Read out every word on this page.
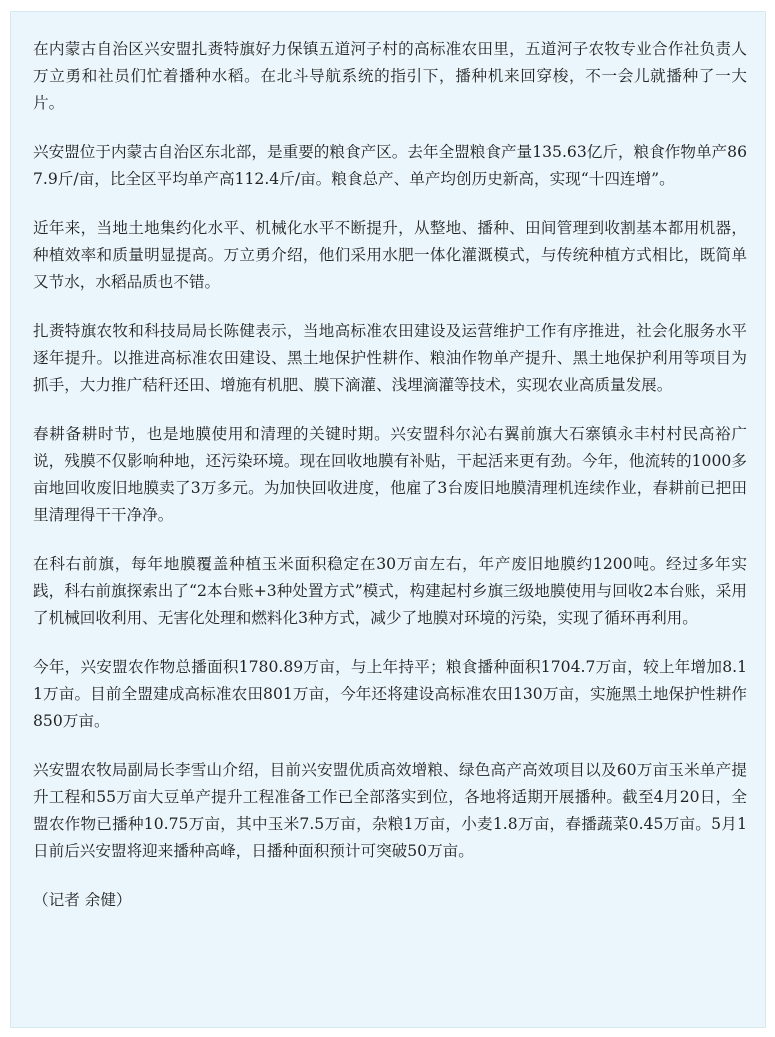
在内蒙古自治区兴安盟扎赉特旗好力保镇五道河子村的高标准农田里，五道河子农牧专业合作社负责人万立勇和社员们忙着播种水稻。在北斗导航系统的指引下，播种机来回穿梭，不一会儿就播种了一大片。

兴安盟位于内蒙古自治区东北部，是重要的粮食产区。去年全盟粮食产量135.63亿斤，粮食作物单产867.9斤/亩，比全区平均单产高112.4斤/亩。粮食总产、单产均创历史新高，实现“十四连增”。

近年来，当地土地集约化水平、机械化水平不断提升，从整地、播种、田间管理到收割基本都用机器，种植效率和质量明显提高。万立勇介绍，他们采用水肥一体化灌溉模式，与传统种植方式相比，既简单又节水，水稻品质也不错。

扎赉特旗农牧和科技局局长陈健表示，当地高标准农田建设及运营维护工作有序推进，社会化服务水平逐年提升。以推进高标准农田建设、黑土地保护性耕作、粮油作物单产提升、黑土地保护利用等项目为抓手，大力推广秸秆还田、增施有机肥、膜下滴灌、浅埋滴灌等技术，实现农业高质量发展。

春耕备耕时节，也是地膜使用和清理的关键时期。兴安盟科尔沁右翼前旗大石寨镇永丰村村民高裕广说，残膜不仅影响种地，还污染环境。现在回收地膜有补贴，干起活来更有劲。今年，他流转的1000多亩地回收废旧地膜卖了3万多元。为加快回收进度，他雇了3台废旧地膜清理机连续作业，春耕前已把田里清理得干干净净。

在科右前旗，每年地膜覆盖种植玉米面积稳定在30万亩左右，年产废旧地膜约1200吨。经过多年实践，科右前旗探索出了“2本台账+3种处置方式”模式，构建起村乡旗三级地膜使用与回收2本台账，采用了机械回收利用、无害化处理和燃料化3种方式，减少了地膜对环境的污染，实现了循环再利用。

今年，兴安盟农作物总播面积1780.89万亩，与上年持平；粮食播种面积1704.7万亩，较上年增加8.11万亩。目前全盟建成高标准农田801万亩，今年还将建设高标准农田130万亩，实施黑土地保护性耕作850万亩。

兴安盟农牧局副局长李雪山介绍，目前兴安盟优质高效增粮、绿色高产高效项目以及60万亩玉米单产提升工程和55万亩大豆单产提升工程准备工作已全部落实到位，各地将适期开展播种。截至4月20日，全盟农作物已播种10.75万亩，其中玉米7.5万亩，杂粮1万亩，小麦1.8万亩，春播蔬菜0.45万亩。5月1日前后兴安盟将迎来播种高峰，日播种面积预计可突破50万亩。

（记者 余健）
